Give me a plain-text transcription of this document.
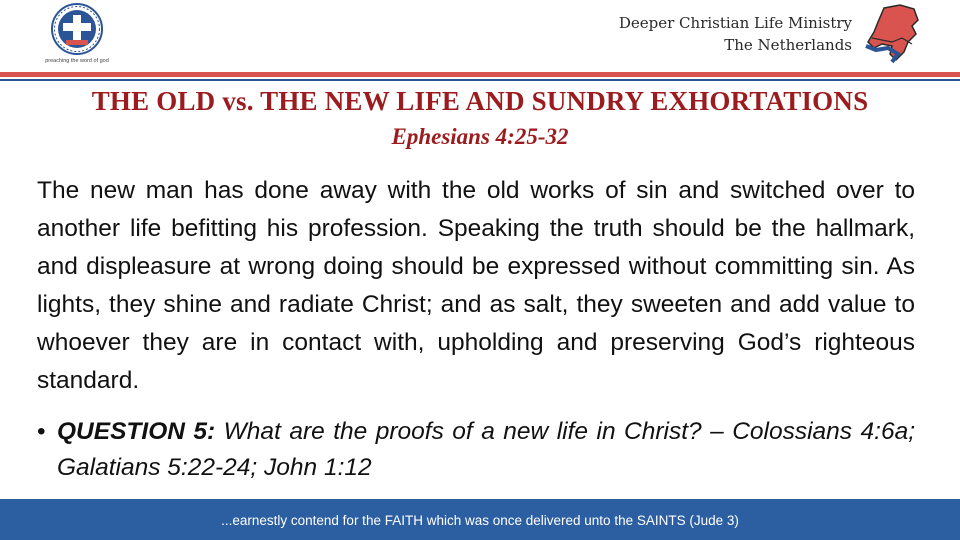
preaching the word of god
Deeper Christian Life Ministry
The Netherlands
THE OLD vs. THE NEW LIFE AND SUNDRY EXHORTATIONS
Ephesians 4:25-32

The new man has done away with the old works of sin and switched over to another life befitting his profession. Speaking the truth should be the hallmark, and displeasure at wrong doing should be expressed without committing sin. As lights, they shine and radiate Christ; and as salt, they sweeten and add value to whoever they are in contact with, upholding and preserving God’s righteous standard.

• QUESTION 5: What are the proofs of a new life in Christ? – Colossians 4:6a; Galatians 5:22-24; John 1:12
...earnestly contend for the FAITH which was once delivered unto the SAINTS (Jude 3)
